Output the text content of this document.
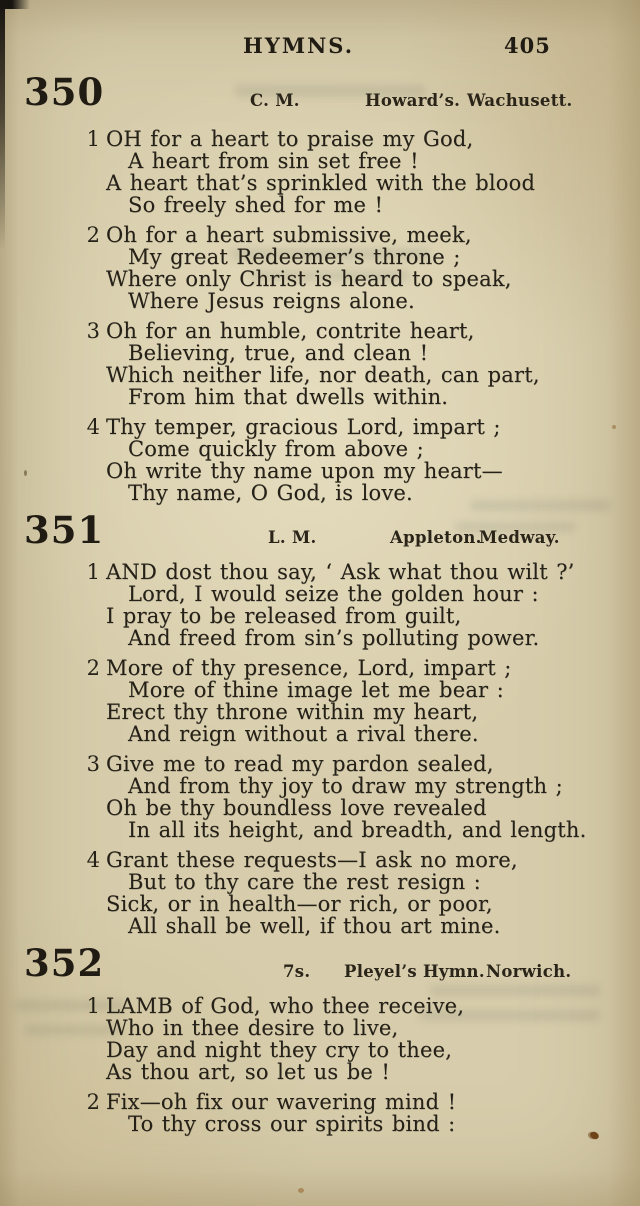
HYMNS.	405
350	C. M.	Howard’s. Wachusett.
1 OH for a heart to praise my God,
A heart from sin set free !
A heart that’s sprinkled with the blood
So freely shed for me !
2 Oh for a heart submissive, meek,
My great Redeemer’s throne ;
Where only Christ is heard to speak,
Where Jesus reigns alone.
3 Oh for an humble, contrite heart,
Believing, true, and clean !
Which neither life, nor death, can part,
From him that dwells within.
4 Thy temper, gracious Lord, impart ;
Come quickly from above ;
Oh write thy name upon my heart—
Thy name, O God, is love.
351	L. M.	Appleton.
Medway.
1 AND dost thou say, ‘ Ask what thou wilt ?’
Lord, I would seize the golden hour :
I pray to be released from guilt,
And freed from sin’s polluting power.
2 More of thy presence, Lord, impart ;
More of thine image let me bear :
Erect thy throne within my heart,
And reign without a rival there.
3 Give me to read my pardon sealed,
And from thy joy to draw my strength ;
Oh be thy boundless love revealed
In all its height, and breadth, and length.
4 Grant these requests—I ask no more,
But to thy care the rest resign :
Sick, or in health—or rich, or poor,
All shall be well, if thou art mine.
352	7s. Pleyel’s Hymn. Norwich.
1 LAMB of God, who thee receive,
Who in thee desire to live,
Day and night they cry to thee,
As thou art, so let us be !
2 Fix—oh fix our wavering mind !
To thy cross our spirits bind :
